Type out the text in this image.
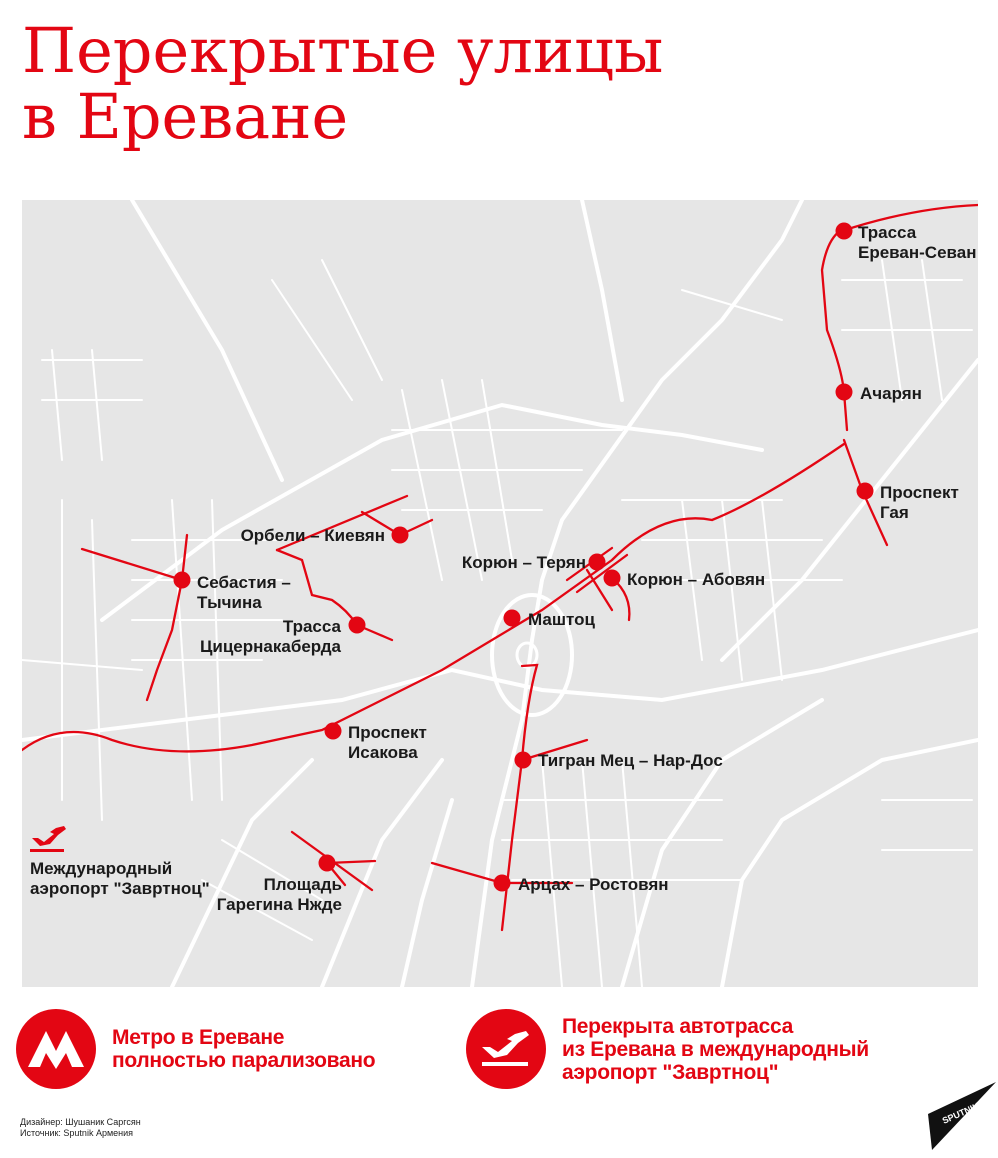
Перекрытые улицы
в Ереване
Трасса
Ереван-Севан
Ачарян
Проспект
Гая
Орбели – Киевян
Корюн – Терян
Корюн – Абовян
Себастия –
Тычина
Маштоц
Трасса
Цицернакаберда
Проспект
Исакова	Тигран Мец – Нар-Дос
Площадь
Гарегина Нжде
Арцах – Ростовян
Международный
аэропорт "Завртноц"
Метро в Ереване
полностью парализовано
Перекрыта автотрасса
из Еревана в международный
аэропорт "Завртноц"
Дизайнер: Шушаник Саргсян
Источник: Sputnik Армения
SPUTNIK
